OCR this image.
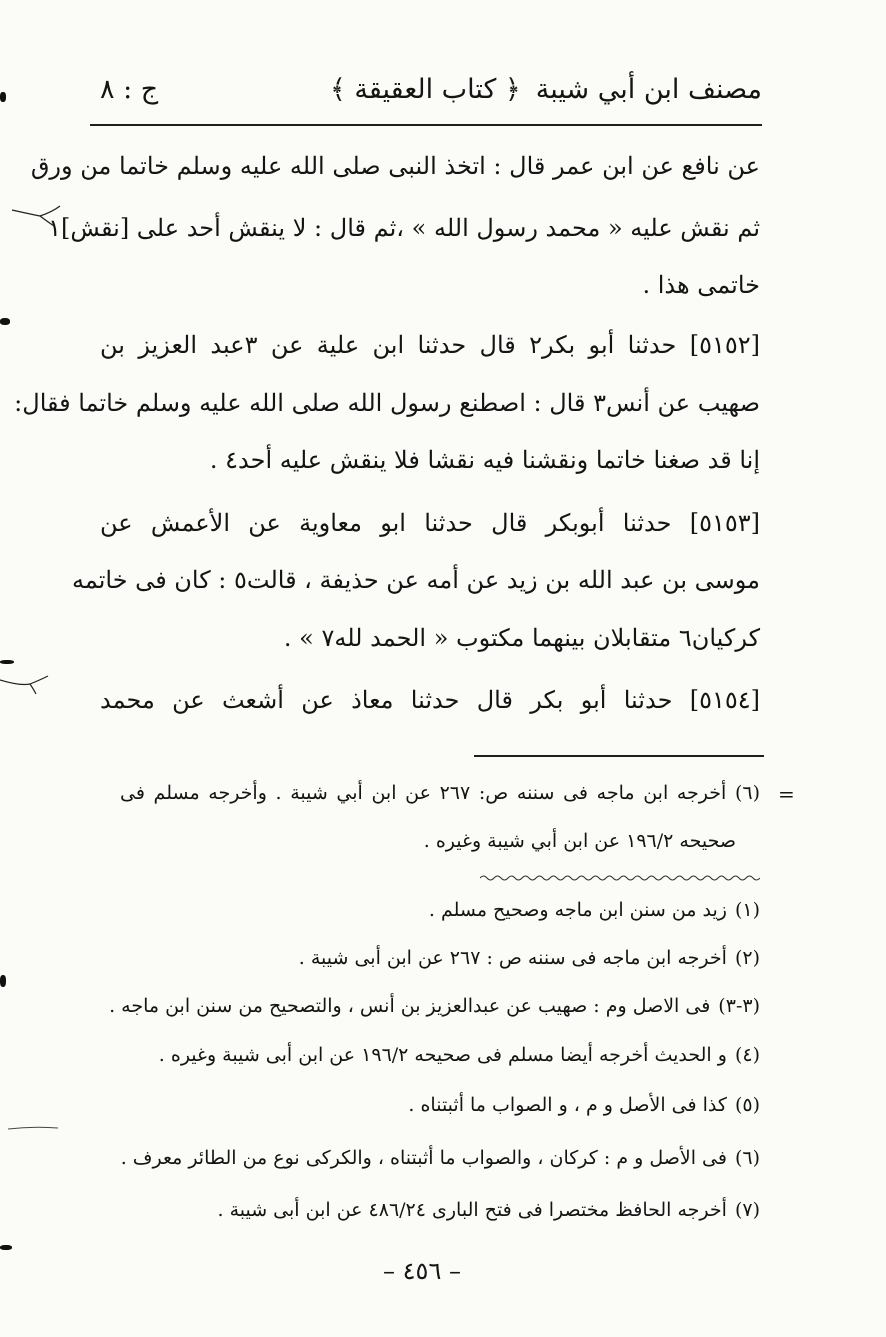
مصنف ابن أبي شيبة
﴿ كتاب العقيقة ﴾
ج : ٨
عن نافع عن ابن عمر قال : اتخذ النبى صلى الله عليه وسلم خاتما من ورق
ثم نقش عليه « محمد رسول الله » ،ثم قال : لا ينقش أحد على [نقش]١
خاتمى هذا .
[٥١٥٢] حدثنا أبو بكر٢ قال حدثنا ابن علية عن ٣عبد العزيز بن
صهيب عن أنس٣ قال : اصطنع رسول الله صلى الله عليه وسلم خاتما فقال:
إنا قد صغنا خاتما ونقشنا فيه نقشا فلا ينقش عليه أحد٤ .
[٥١٥٣] حدثنا أبوبكر قال حدثنا ابو معاوية عن الأعمش عن
موسى بن عبد الله بن زيد عن أمه عن حذيفة ، قالت٥ : كان فى خاتمه
كركيان٦ متقابلان بينهما مكتوب « الحمد لله٧ » .
[٥١٥٤] حدثنا أبو بكر قال حدثنا معاذ عن أشعث عن محمد
=
(٦) أخرجه ابن ماجه فى سننه ص: ٢٦٧ عن ابن أبي شيبة . وأخرجه مسلم فى
صحيحه ١٩٦/٢ عن ابن أبي شيبة وغيره .
(١)زيد من سنن ابن ماجه وصحيح مسلم .
(٢)أخرجه ابن ماجه فى سننه ص : ٢٦٧ عن ابن أبى شيبة .
(٣-٣)فى الاصل وم : صهيب عن عبدالعزيز بن أنس ، والتصحيح من سنن ابن ماجه .
(٤)و الحديث أخرجه أيضا مسلم فى صحيحه ١٩٦/٢ عن ابن أبى شيبة وغيره .
(٥)كذا فى الأصل و م ، و الصواب ما أثبتناه .
(٦)فى الأصل و م : كركان ، والصواب ما أثبتناه ، والكركى نوع من الطائر معرف .
(٧)أخرجه الحافظ مختصرا فى فتح البارى ٤٨٦/٢٤ عن ابن أبى شيبة .
– ٤٥٦ –
